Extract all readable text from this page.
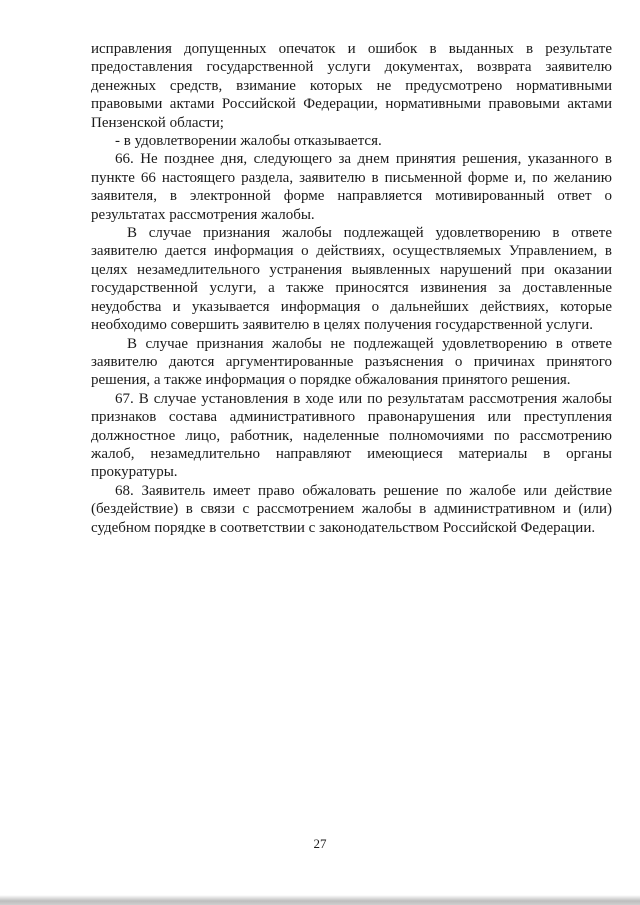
исправления допущенных опечаток и ошибок в выданных в результате предоставления государственной услуги документах, возврата заявителю денежных средств, взимание которых не предусмотрено нормативными правовыми актами Российской Федерации, нормативными правовыми актами Пензенской области;

- в удовлетворении жалобы отказывается.

66. Не позднее дня, следующего за днем принятия решения, указанного в пункте 66 настоящего раздела, заявителю в письменной форме и, по желанию заявителя, в электронной форме направляется мотивированный ответ о результатах рассмотрения жалобы.

В случае признания жалобы подлежащей удовлетворению в ответе заявителю дается информация о действиях, осуществляемых Управлением, в целях незамедлительного устранения выявленных нарушений при оказании государственной услуги, а также приносятся извинения за доставленные неудобства и указывается информация о дальнейших действиях, которые необходимо совершить заявителю в целях получения государственной услуги.

В случае признания жалобы не подлежащей удовлетворению в ответе заявителю даются аргументированные разъяснения о причинах принятого решения, а также информация о порядке обжалования принятого решения.

67. В случае установления в ходе или по результатам рассмотрения жалобы признаков состава административного правонарушения или преступления должностное лицо, работник, наделенные полномочиями по рассмотрению жалоб, незамедлительно направляют имеющиеся материалы в органы прокуратуры.

68. Заявитель имеет право обжаловать решение по жалобе или действие (бездействие) в связи с рассмотрением жалобы в административном и (или) судебном порядке в соответствии с законодательством Российской Федерации.

27
